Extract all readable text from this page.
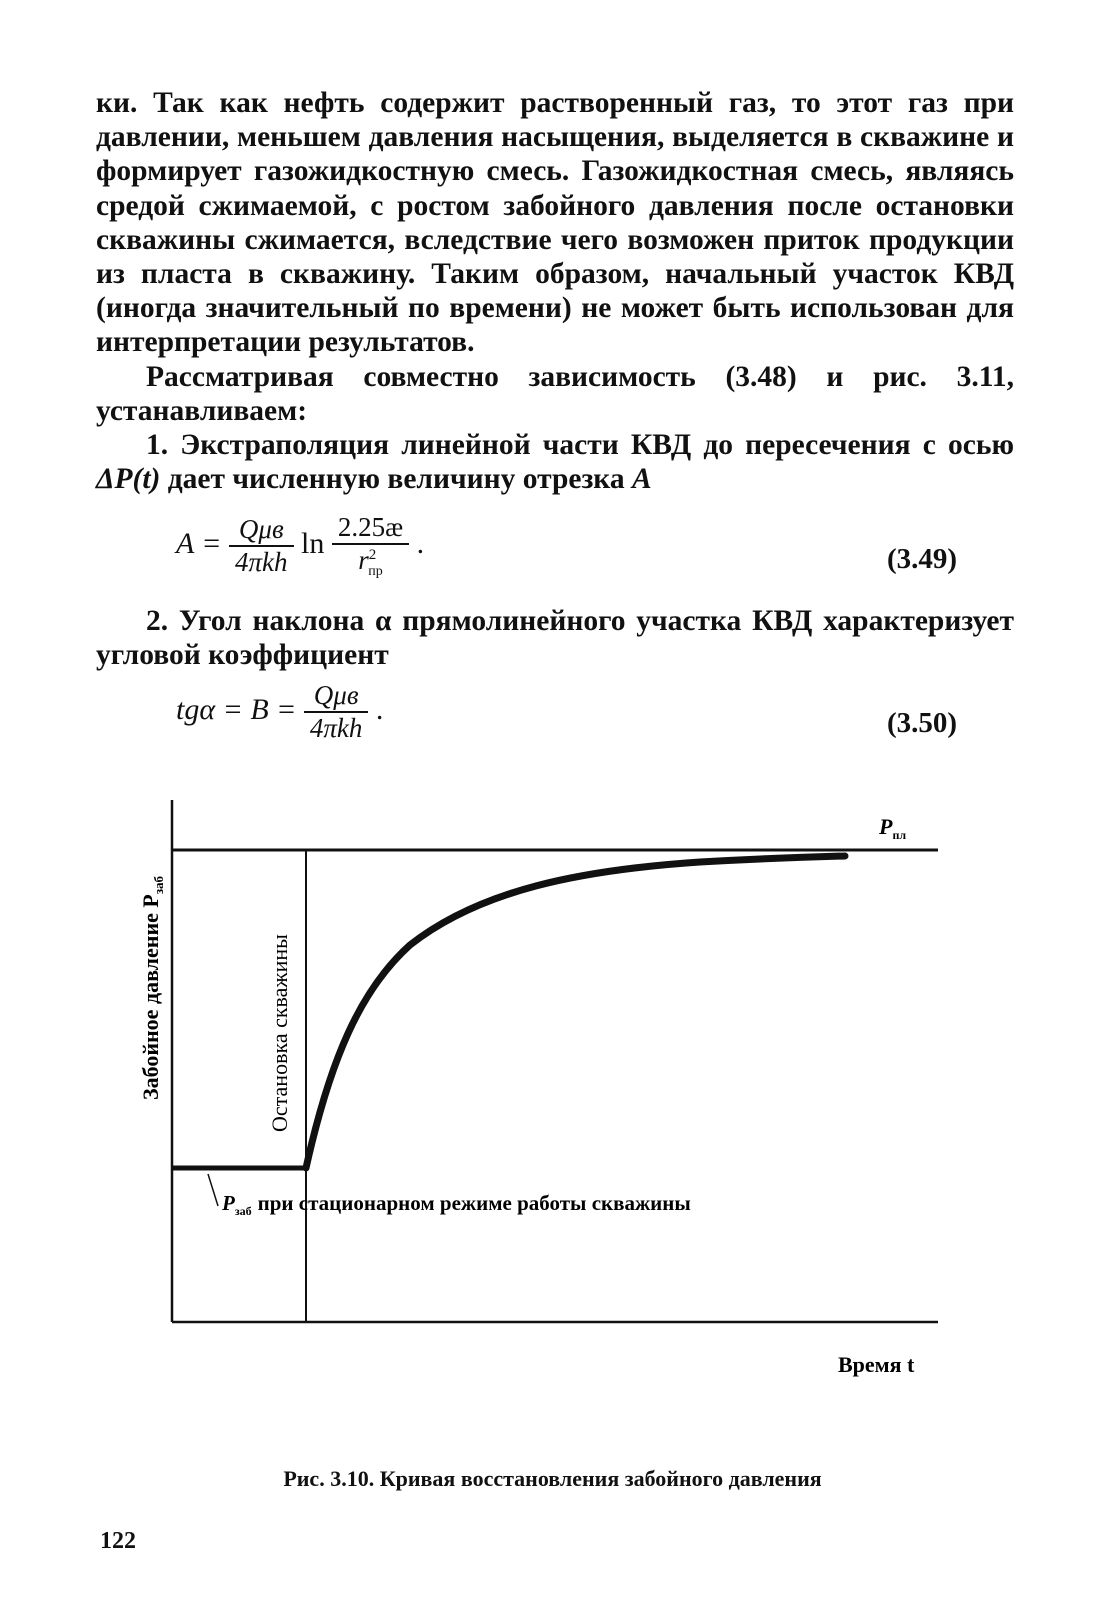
ки. Так как нефть содержит растворенный газ, то этот газ при давлении, меньшем давления насыщения, выделяется в скважине и формирует газожидкостную смесь. Газожидкостная смесь, являясь средой сжимаемой, с ростом забойного давления после остановки скважины сжимается, вследствие чего возможен приток продукции из пласта в скважину. Таким образом, начальный участок КВД (иногда значительный по времени) не может быть использован для интерпретации результатов.

Рассматривая совместно зависимость (3.48) и рис. 3.11, устанавливаем:

1. Экстраполяция линейной части КВД до пересечения с осью ΔP(t) дает численную величину отрезка A

$A = \frac{\text{Qμв}}{\text{4πkh}}$ $\ln \frac{2.25æ}{r^2_{пр}}$ .	(3.49)

2. Угол наклона α прямолинейного участка КВД характеризует угловой коэффициент

$tg\alpha = B = \frac{\text{Qμв}}{\text{4πkh}}$ .	(3.50)
Забойное давление $P_{заб}$
Остановка скважины
$P_{пл}$
$P_{заб}$ при стационарном режиме работы скважины
Время t
Рис. 3.10. Кривая восстановления забойного давления
122
